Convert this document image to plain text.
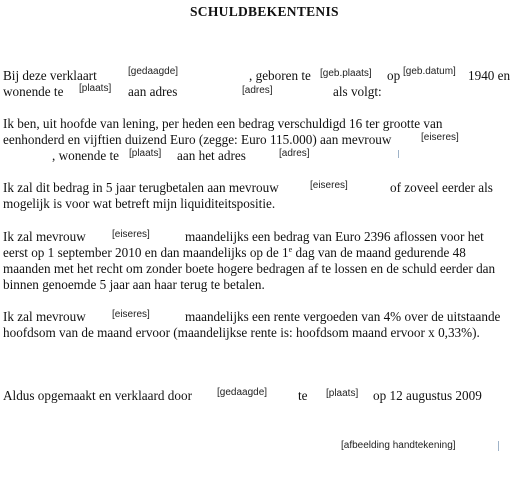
SCHULDBEKENTENIS
Bij deze verklaart	[gedaagde]	, geboren te [geb.plaats] op [geb.datum] 1940 en
wonende te [plaats] aan adres	[adres]	als volgt:
Ik ben, uit hoofde van lening, per heden een bedrag verschuldigd 16 ter grootte van
eenhonderd en vijftien duizend Euro (zegge: Euro 115.000) aan mevrouw	[eiseres]
, wonende te [plaats] aan het adres	[adres]
Ik zal dit bedrag in 5 jaar terugbetalen aan mevrouw	[eiseres]	of zoveel eerder als
mogelijk is voor wat betreft mijn liquiditeitspositie.
Ik zal mevrouw	[eiseres]	maandelijks een bedrag van Euro 2396 aflossen voor het
eerst op 1 september 2010 en dan maandelijks op de 1e dag van de maand gedurende 48
maanden met het recht om zonder boete hogere bedragen af te lossen en de schuld eerder dan
binnen genoemde 5 jaar aan haar terug te betalen.
Ik zal mevrouw	[eiseres]	maandelijks een rente vergoeden van 4% over de uitstaande
hoofdsom van de maand ervoor (maandelijkse rente is: hoofdsom maand ervoor x 0,33%).
Aldus opgemaakt en verklaard door	[gedaagde] te [plaats] op 12 augustus 2009
[afbeelding handtekening]
